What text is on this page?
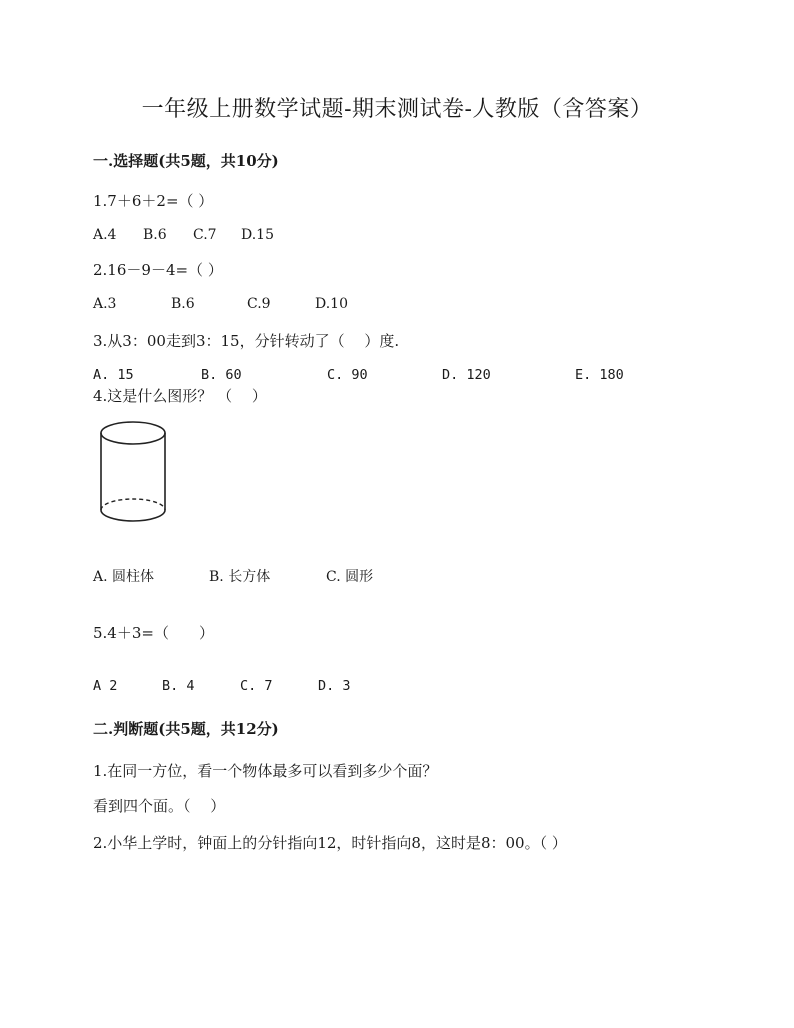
一年级上册数学试题-期末测试卷-人教版（含答案）
一.选择题(共5题，共10分)
1.7＋6＋2=（ ）
A.4 B.6 C.7 D.15
2.16－9－4=（ ）
A.3	B.6	C.9	D.10
3.从3：00走到3：15，分针转动了（　 ）度.
A. 15	B. 60	C. 90	D. 120	E. 180
4.这是什么图形？ （　 ）
A. 圆柱体	B. 长方体	C. 圆形
5.4＋3=（　　）
A 2	B. 4	C. 7	D. 3
二.判断题(共5题，共12分)
1.在同一方位，看一个物体最多可以看到多少个面？
看到四个面。（　 ）
2.小华上学时，钟面上的分针指向12，时针指向8，这时是8：00。（ ）
